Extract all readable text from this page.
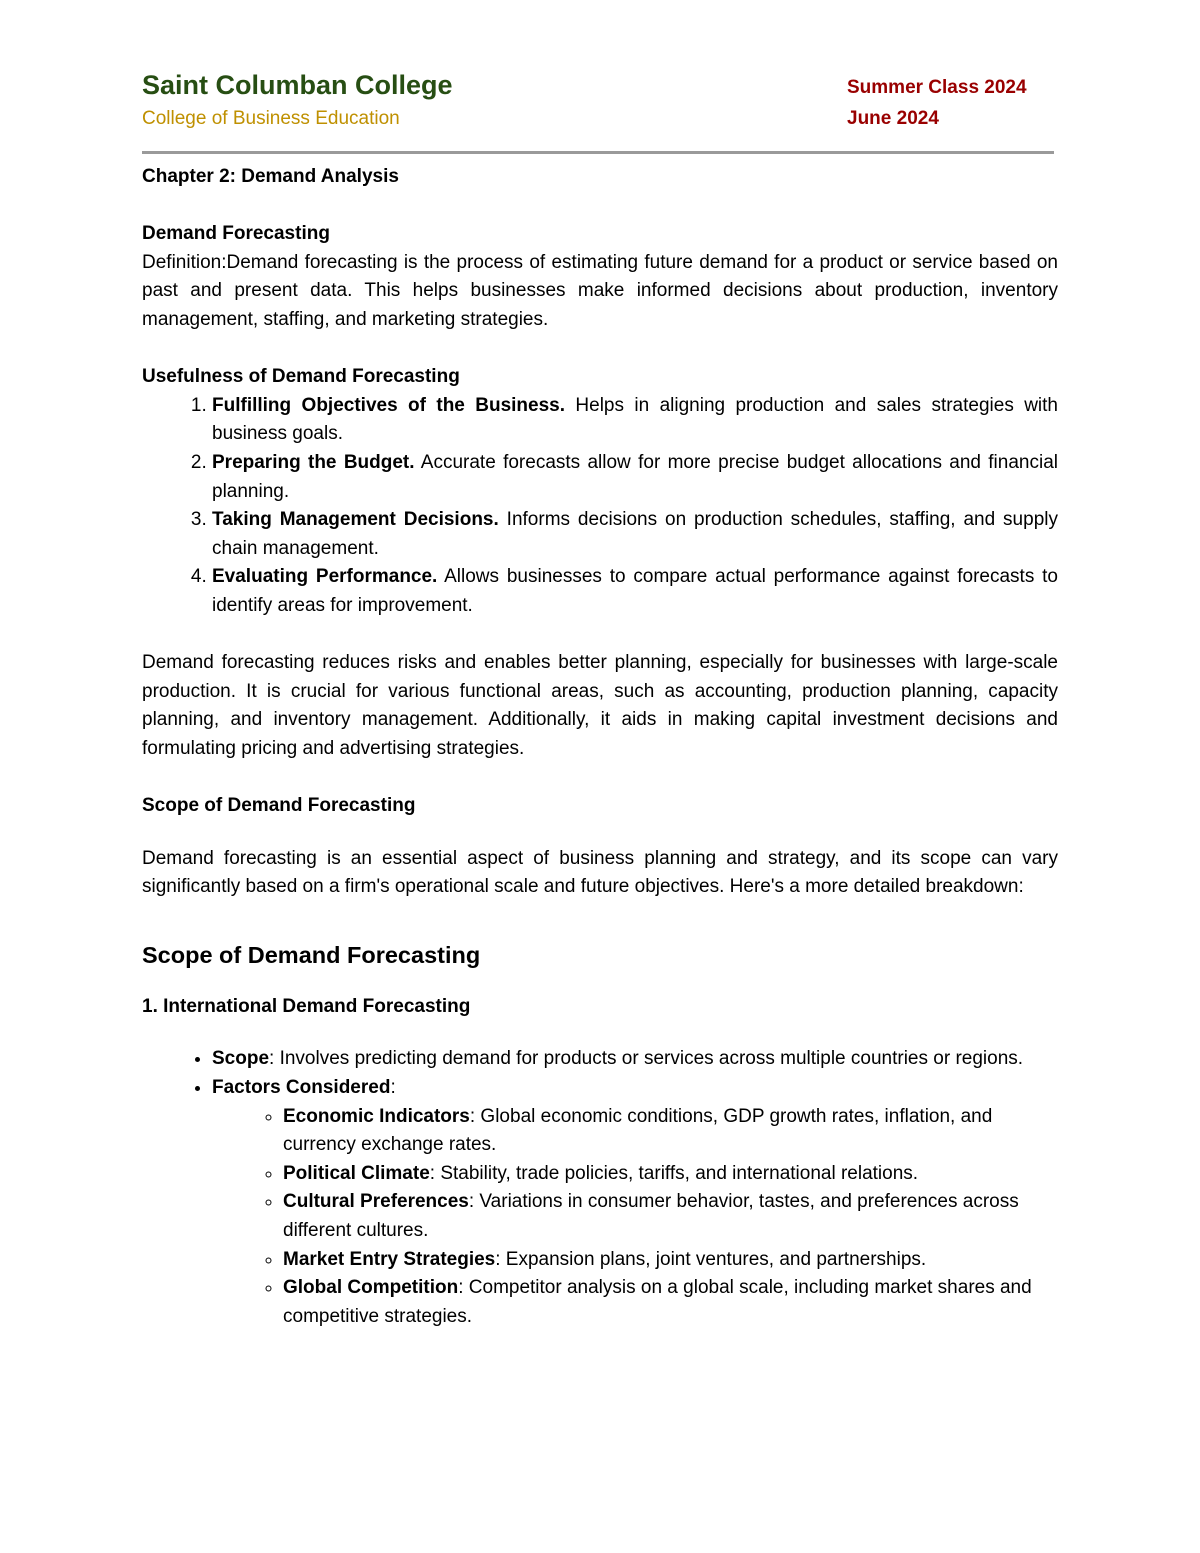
Saint Columban College
College of Business Education
Summer Class 2024
June 2024

Chapter 2: Demand Analysis

Demand Forecasting

Definition:Demand forecasting is the process of estimating future demand for a product or service based on past and present data. This helps businesses make informed decisions about production, inventory management, staffing, and marketing strategies.

Usefulness of Demand Forecasting

1. Fulfilling Objectives of the Business. Helps in aligning production and sales strategies with business goals.

2. Preparing the Budget. Accurate forecasts allow for more precise budget allocations and financial planning.

3. Taking Management Decisions. Informs decisions on production schedules, staffing, and supply chain management.

4. Evaluating Performance. Allows businesses to compare actual performance against forecasts to identify areas for improvement.

Demand forecasting reduces risks and enables better planning, especially for businesses with large-scale production. It is crucial for various functional areas, such as accounting, production planning, capacity planning, and inventory management. Additionally, it aids in making capital investment decisions and formulating pricing and advertising strategies.

Scope of Demand Forecasting

Demand forecasting is an essential aspect of business planning and strategy, and its scope can vary significantly based on a firm's operational scale and future objectives. Here's a more detailed breakdown:

Scope of Demand Forecasting

1. International Demand Forecasting

• Scope: Involves predicting demand for products or services across multiple countries or regions.
• Factors Considered:
◦ Economic Indicators: Global economic conditions, GDP growth rates, inflation, and currency exchange rates.
◦ Political Climate: Stability, trade policies, tariffs, and international relations.
◦ Cultural Preferences: Variations in consumer behavior, tastes, and preferences across different cultures.
◦ Market Entry Strategies: Expansion plans, joint ventures, and partnerships.
◦ Global Competition: Competitor analysis on a global scale, including market shares and competitive strategies.
